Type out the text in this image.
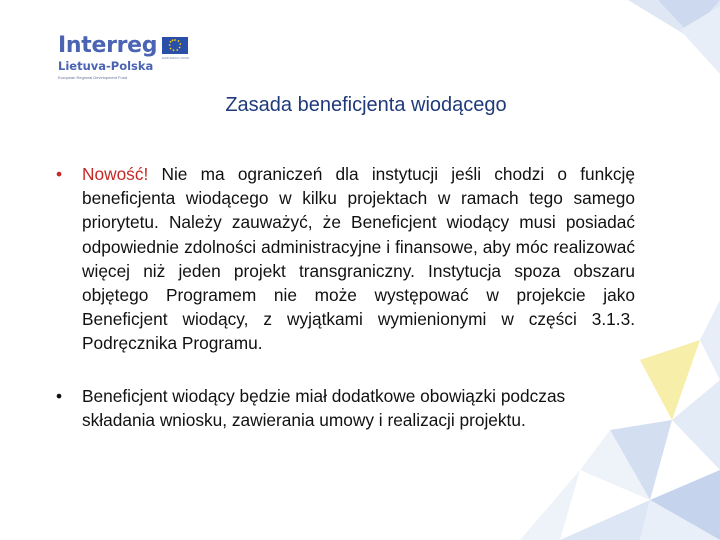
Interreg EUROPEAN UNION
Lietuva-Polska
European Regional Development Fund
Zasada beneficjenta wiodącego
• Nowość! Nie ma ograniczeń dla instytucji jeśli chodzi o funkcję beneficjenta wiodącego w kilku projektach w ramach tego samego priorytetu. Należy zauważyć, że Beneficjent wiodący musi posiadać odpowiednie zdolności administracyjne i finansowe, aby móc realizować więcej niż jeden projekt transgraniczny. Instytucja spoza obszaru objętego Programem nie może występować w projekcie jako Beneficjent wiodący, z wyjątkami wymienionymi w części 3.1.3. Podręcznika Programu.
• Beneficjent wiodący będzie miał dodatkowe obowiązki podczas składania wniosku, zawierania umowy i realizacji projektu.
